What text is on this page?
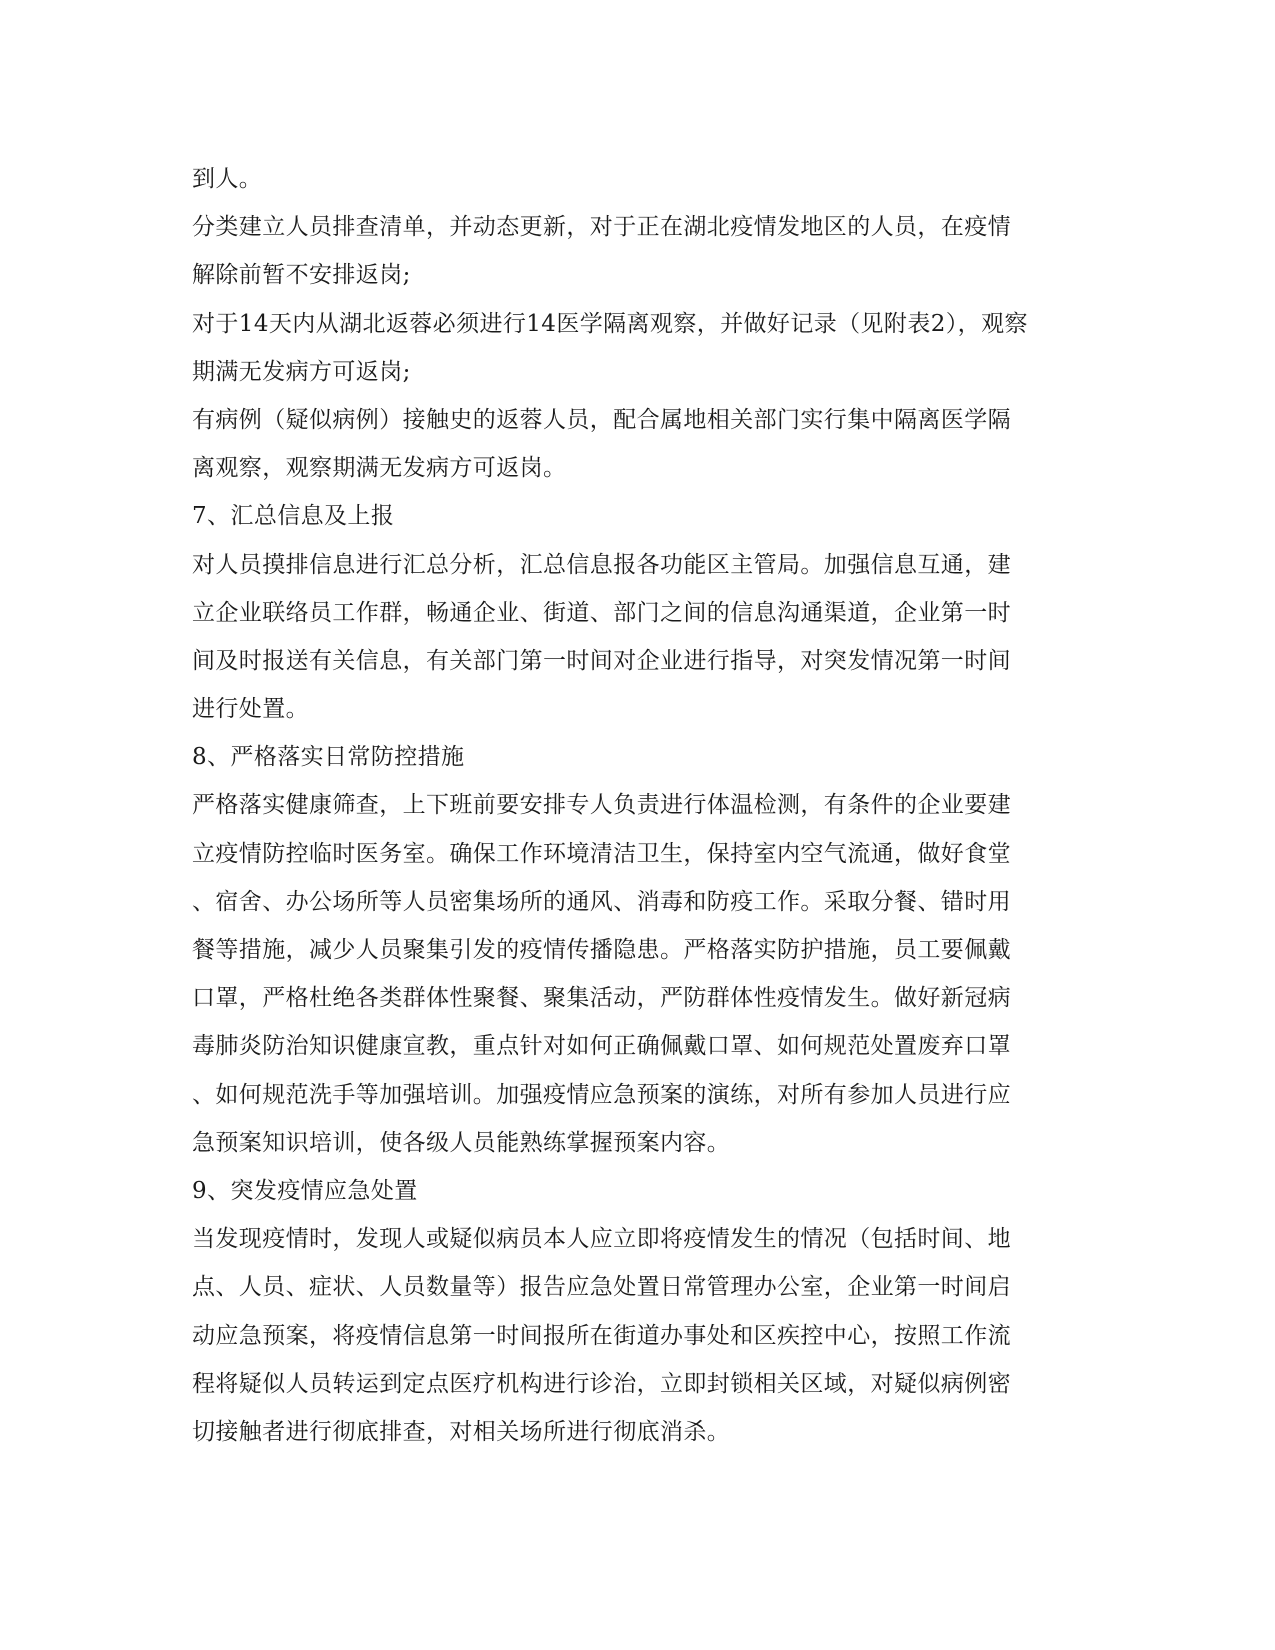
到人。
分类建立人员排查清单，并动态更新，对于正在湖北疫情发地区的人员，在疫情
解除前暂不安排返岗;
对于14天内从湖北返蓉必须进行14医学隔离观察，并做好记录（见附表2），观察
期满无发病方可返岗;
有病例（疑似病例）接触史的返蓉人员，配合属地相关部门实行集中隔离医学隔
离观察，观察期满无发病方可返岗。
7、汇总信息及上报
对人员摸排信息进行汇总分析，汇总信息报各功能区主管局。加强信息互通，建
立企业联络员工作群，畅通企业、街道、部门之间的信息沟通渠道，企业第一时
间及时报送有关信息，有关部门第一时间对企业进行指导，对突发情况第一时间
进行处置。
8、严格落实日常防控措施
严格落实健康筛查，上下班前要安排专人负责进行体温检测，有条件的企业要建
立疫情防控临时医务室。确保工作环境清洁卫生，保持室内空气流通，做好食堂
、宿舍、办公场所等人员密集场所的通风、消毒和防疫工作。采取分餐、错时用
餐等措施，减少人员聚集引发的疫情传播隐患。严格落实防护措施，员工要佩戴
口罩，严格杜绝各类群体性聚餐、聚集活动，严防群体性疫情发生。做好新冠病
毒肺炎防治知识健康宣教，重点针对如何正确佩戴口罩、如何规范处置废弃口罩
、如何规范洗手等加强培训。加强疫情应急预案的演练，对所有参加人员进行应
急预案知识培训，使各级人员能熟练掌握预案内容。
9、突发疫情应急处置
当发现疫情时，发现人或疑似病员本人应立即将疫情发生的情况（包括时间、地
点、人员、症状、人员数量等）报告应急处置日常管理办公室，企业第一时间启
动应急预案，将疫情信息第一时间报所在街道办事处和区疾控中心，按照工作流
程将疑似人员转运到定点医疗机构进行诊治，立即封锁相关区域，对疑似病例密
切接触者进行彻底排查，对相关场所进行彻底消杀。
